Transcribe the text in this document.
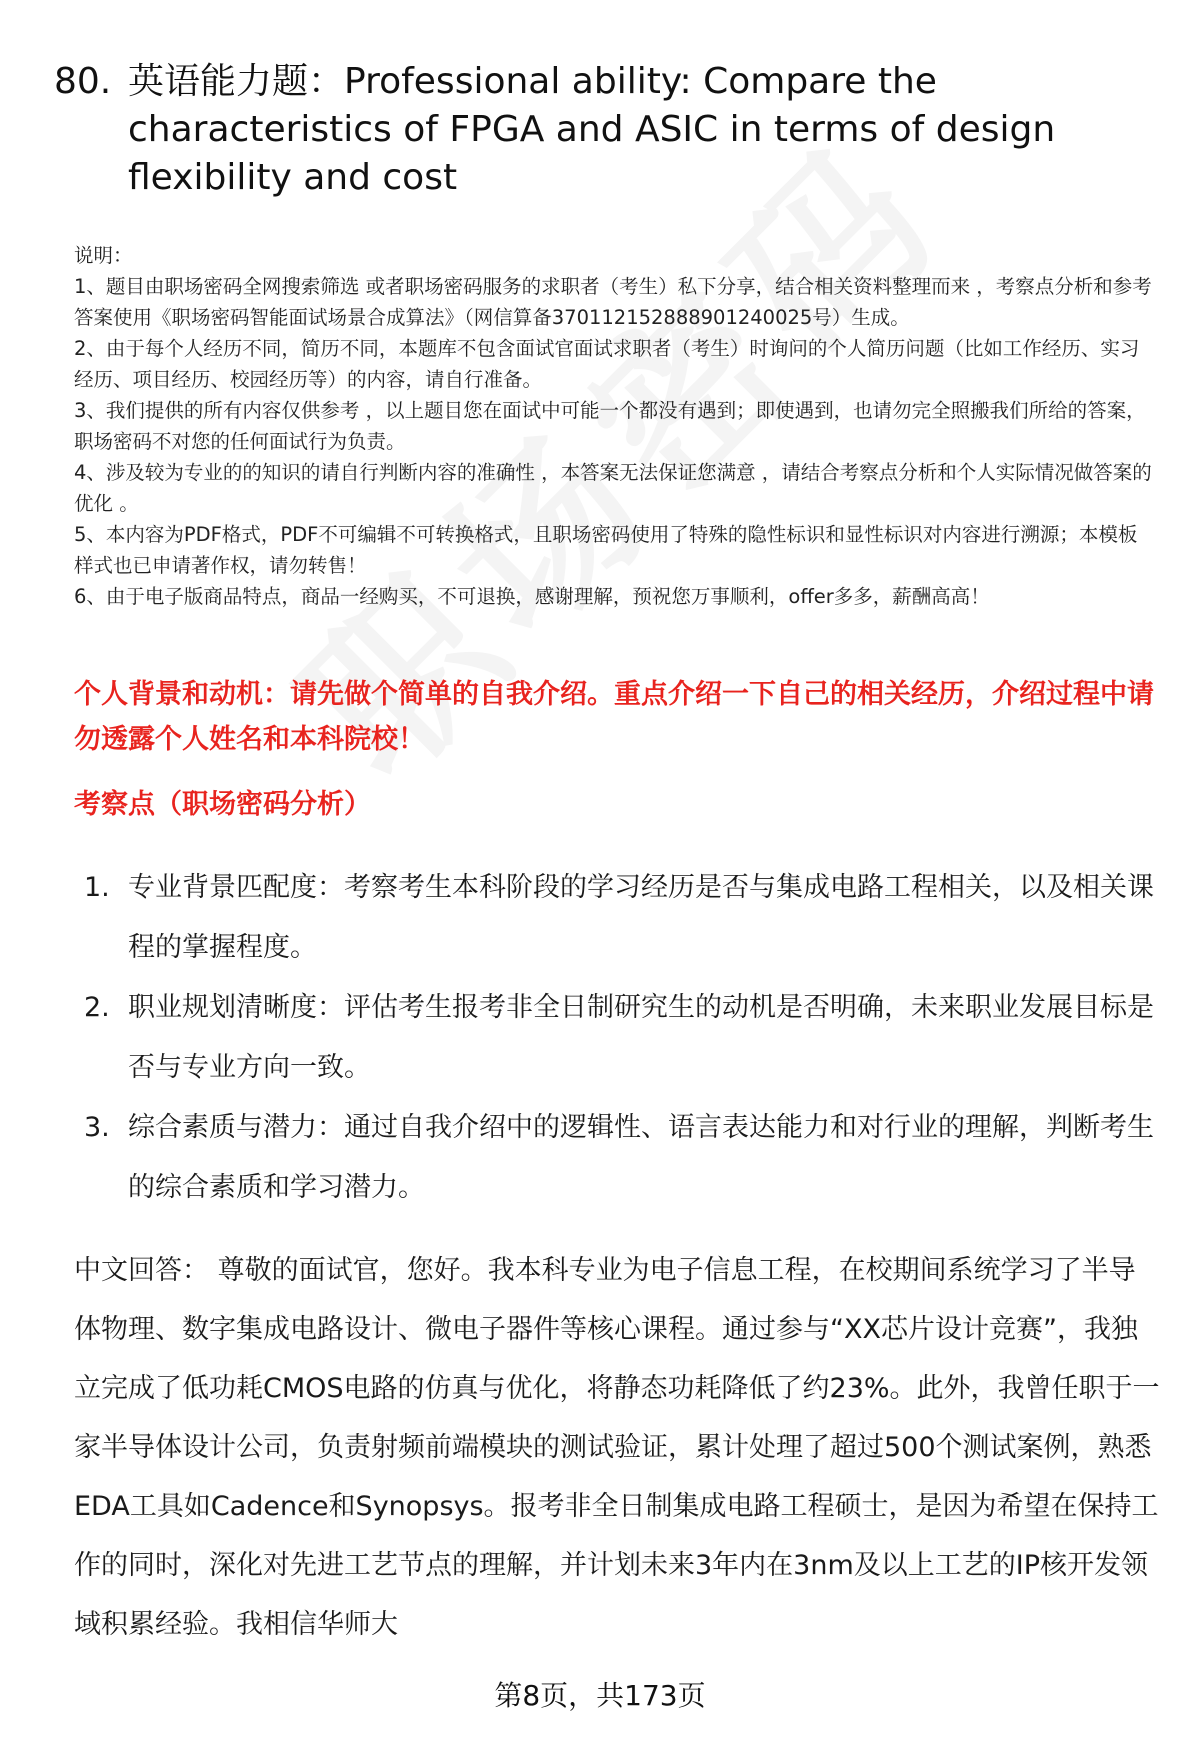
80. 英语能力题：Professional ability: Compare the characteristics of FPGA and ASIC in terms of design flexibility and cost

说明：

1、题目由职场密码全网搜索筛选 或者职场密码服务的求职者（考生）私下分享，结合相关资料整理而来 ，考察点分析和参考答案使用《职场密码智能面试场景合成算法》（网信算备370112152888901240025号）生成。

2、由于每个人经历不同，简历不同，本题库不包含面试官面试求职者（考生）时询问的个人简历问题（比如工作经历、实习经历、项目经历、校园经历等）的内容，请自行准备。

3、我们提供的所有内容仅供参考 ，以上题目您在面试中可能一个都没有遇到；即使遇到，也请勿完全照搬我们所给的答案，职场密码不对您的任何面试行为负责。

4、涉及较为专业的的知识的请自行判断内容的准确性 ，本答案无法保证您满意 ，请结合考察点分析和个人实际情况做答案的优化 。

5、本内容为PDF格式，PDF不可编辑不可转换格式，且职场密码使用了特殊的隐性标识和显性标识对内容进行溯源；本模板样式也已申请著作权，请勿转售！

6、由于电子版商品特点，商品一经购买，不可退换，感谢理解，预祝您万事顺利，offer多多，薪酬高高！

个人背景和动机：请先做个简单的自我介绍。重点介绍一下自己的相关经历，介绍过程中请勿透露个人姓名和本科院校！
考察点（职场密码分析）
1. 专业背景匹配度：考察考生本科阶段的学习经历是否与集成电路工程相关，以及相关课程的掌握程度。
2. 职业规划清晰度：评估考生报考非全日制研究生的动机是否明确，未来职业发展目标是否与专业方向一致。
3. 综合素质与潜力：通过自我介绍中的逻辑性、语言表达能力和对行业的理解，判断考生的综合素质和学习潜力。
中文回答： 尊敬的面试官，您好。我本科专业为电子信息工程，在校期间系统学习了半导体物理、数字集成电路设计、微电子器件等核心课程。通过参与“XX芯片设计竞赛”，我独立完成了低功耗CMOS电路的仿真与优化，将静态功耗降低了约23%。此外，我曾任职于一家半导体设计公司，负责射频前端模块的测试验证，累计处理了超过500个测试案例，熟悉EDA工具如Cadence和Synopsys。报考非全日制集成电路工程硕士，是因为希望在保持工作的同时，深化对先进工艺节点的理解，并计划未来3年内在3nm及以上工艺的IP核开发领域积累经验。我相信华师大
第8页，共173页
